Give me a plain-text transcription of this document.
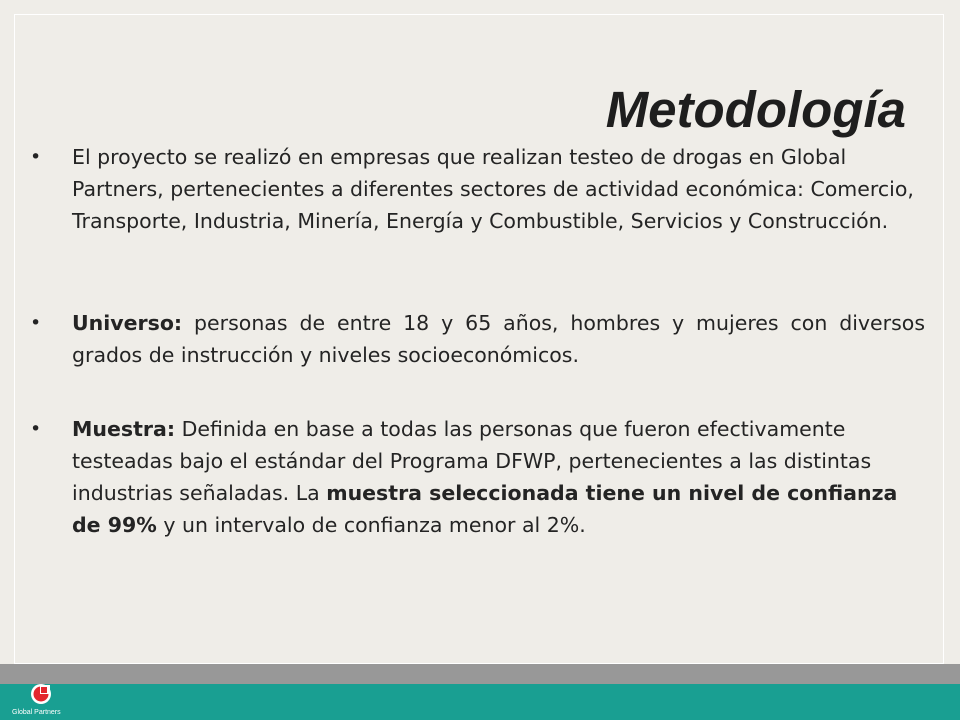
Metodología
• El proyecto se realizó en empresas que realizan testeo de drogas en Global Partners, pertenecientes a diferentes sectores de actividad económica: Comercio, Transporte, Industria, Minería, Energía y Combustible, Servicios y Construcción.
• Universo: personas de entre 18 y 65 años, hombres y mujeres con diversos grados de instrucción y niveles socioeconómicos.
• Muestra: Definida en base a todas las personas que fueron efectivamente testeadas bajo el estándar del Programa DFWP, pertenecientes a las distintas industrias señaladas. La muestra seleccionada tiene un nivel de confianza de 99% y un intervalo de confianza menor al 2%.
Global Partners
